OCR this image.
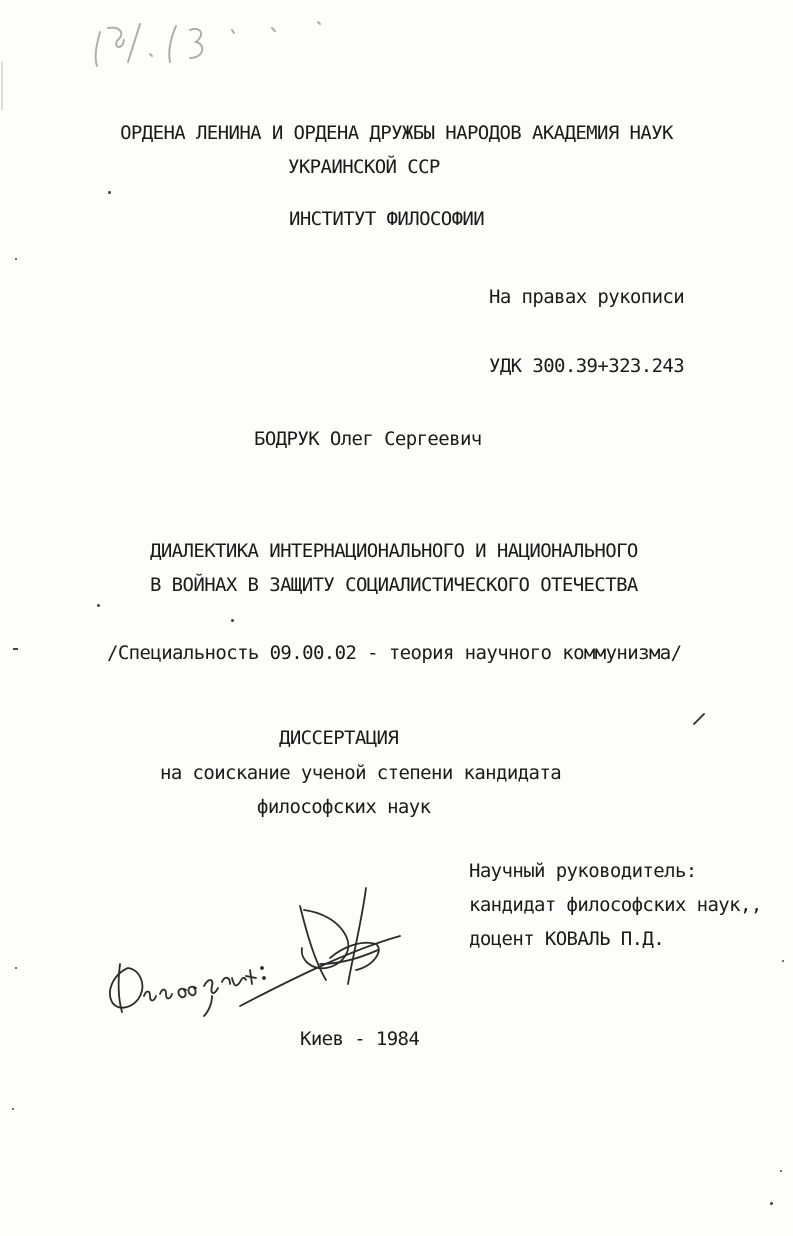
ОРДЕНА ЛЕНИНА И ОРДЕНА ДРУЖБЫ НАРОДОВ АКАДЕМИЯ НАУК
УКРАИНСКОЙ ССР
ИНСТИТУТ ФИЛОСОФИИ
На правах рукописи
УДК 300.39+323.243
БОДРУК Олег Сергеевич
ДИАЛЕКТИКА ИНТЕРНАЦИОНАЛЬНОГО И НАЦИОНАЛЬНОГО
В ВОЙНАХ В ЗАЩИТУ СОЦИАЛИСТИЧЕСКОГО ОТЕЧЕСТВА
/Специальность 09.00.02 - теория научного коммунизма/
ДИССЕРТАЦИЯ
на соискание ученой степени кандидата
философских наук
Научный руководитель:
кандидат философских наук,,
доцент КОВАЛЬ П.Д.
Киев - 1984
